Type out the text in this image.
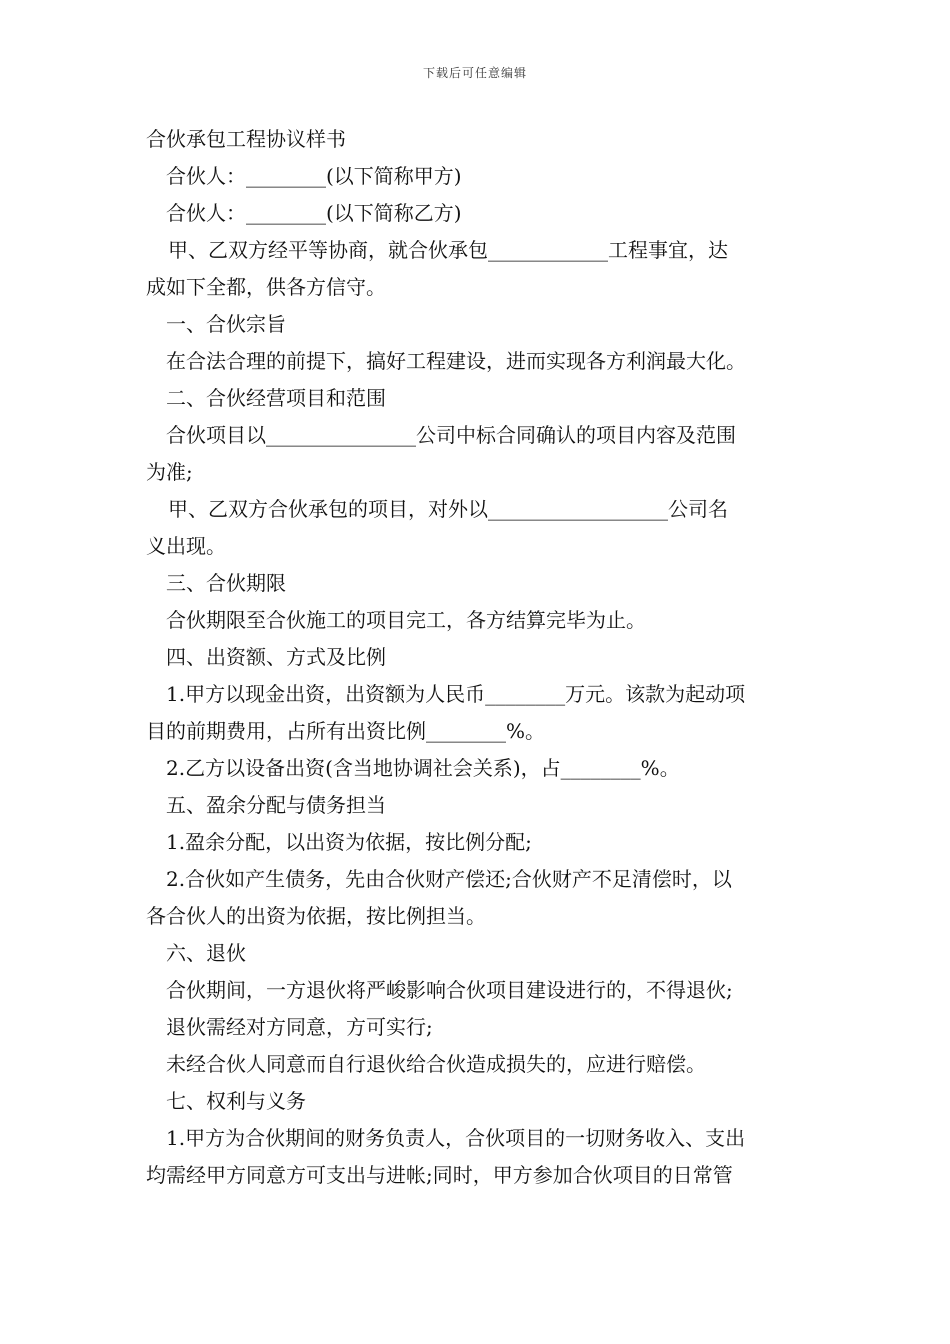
下载后可任意编辑
合伙承包工程协议样书
合伙人：________(以下简称甲方)
合伙人：________(以下简称乙方)
甲、乙双方经平等协商，就合伙承包____________工程事宜，达
成如下全都，供各方信守。
一、合伙宗旨
在合法合理的前提下，搞好工程建设，进而实现各方利润最大化。
二、合伙经营项目和范围
合伙项目以_______________公司中标合同确认的项目内容及范围
为准;
甲、乙双方合伙承包的项目，对外以__________________公司名
义出现。
三、合伙期限
合伙期限至合伙施工的项目完工，各方结算完毕为止。
四、出资额、方式及比例
1.甲方以现金出资，出资额为人民币________万元。该款为起动项
目的前期费用，占所有出资比例________%。
2.乙方以设备出资(含当地协调社会关系)，占________%。
五、盈余分配与债务担当
1.盈余分配，以出资为依据，按比例分配;
2.合伙如产生债务，先由合伙财产偿还;合伙财产不足清偿时，以
各合伙人的出资为依据，按比例担当。
六、退伙
合伙期间，一方退伙将严峻影响合伙项目建设进行的，不得退伙;
退伙需经对方同意，方可实行;
未经合伙人同意而自行退伙给合伙造成损失的，应进行赔偿。
七、权利与义务
1.甲方为合伙期间的财务负责人，合伙项目的一切财务收入、支出
均需经甲方同意方可支出与进帐;同时，甲方参加合伙项目的日常管
